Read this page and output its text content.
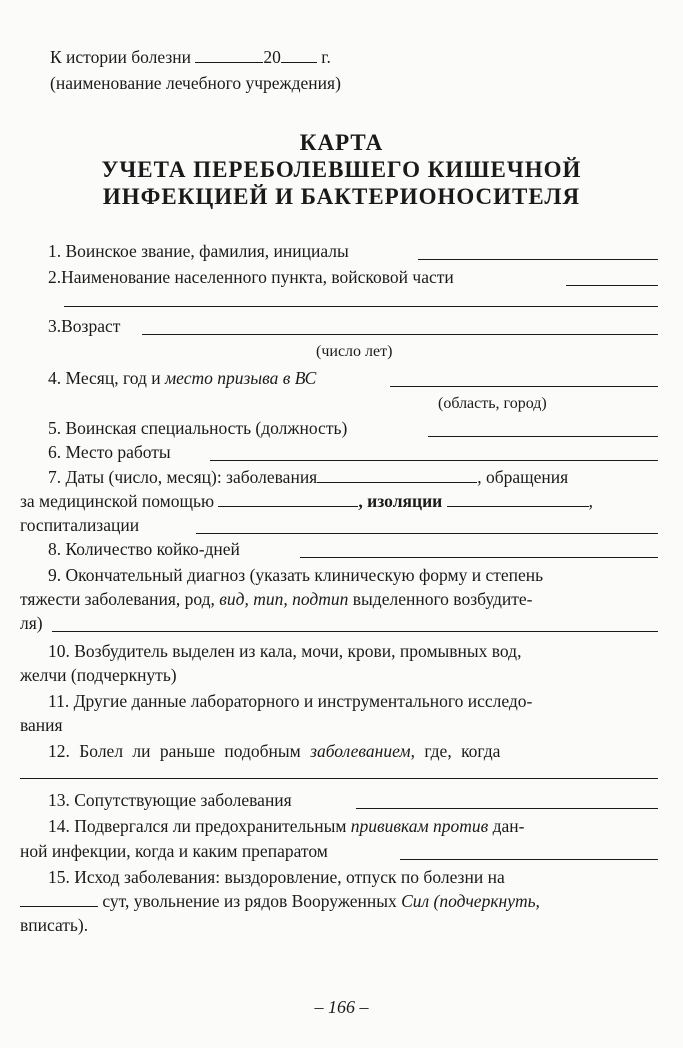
К истории болезни	20 г.
(наименование лечебного учреждения)
КАРТА
УЧЕТА ПЕРЕБОЛЕВШЕГО КИШЕЧНОЙ
ИНФЕКЦИЕЙ И БАКТЕРИОНОСИТЕЛЯ
1. Воинское звание, фамилия, инициалы
2.Наименование населенного пункта, войсковой части
3.Возраст
(число лет)
4. Месяц, год и место призыва в ВС
(область, город)
5. Воинская специальность (должность)
6. Место работы
7. Даты (число, месяц): заболевания	, обращения
за медицинской помощью	, изоляции	,
госпитализации
8. Количество койко-дней
9. Окончательный диагноз (указать клиническую форму и степень
тяжести заболевания, род, вид, тип, подтип выделенного возбудите-
ля)
10. Возбудитель выделен из кала, мочи, крови, промывных вод,
желчи (подчеркнуть)
11. Другие данные лабораторного и инструментального исследо-
вания
12. Болел ли раньше подобным заболеванием, где, когда
13. Сопутствующие заболевания
14. Подвергался ли предохранительным прививкам против дан-
ной инфекции, когда и каким препаратом
15. Исход заболевания: выздоровление, отпуск по болезни на
сут, увольнение из рядов Вооруженных Сил (подчеркнуть,
вписать).
– 166 –
